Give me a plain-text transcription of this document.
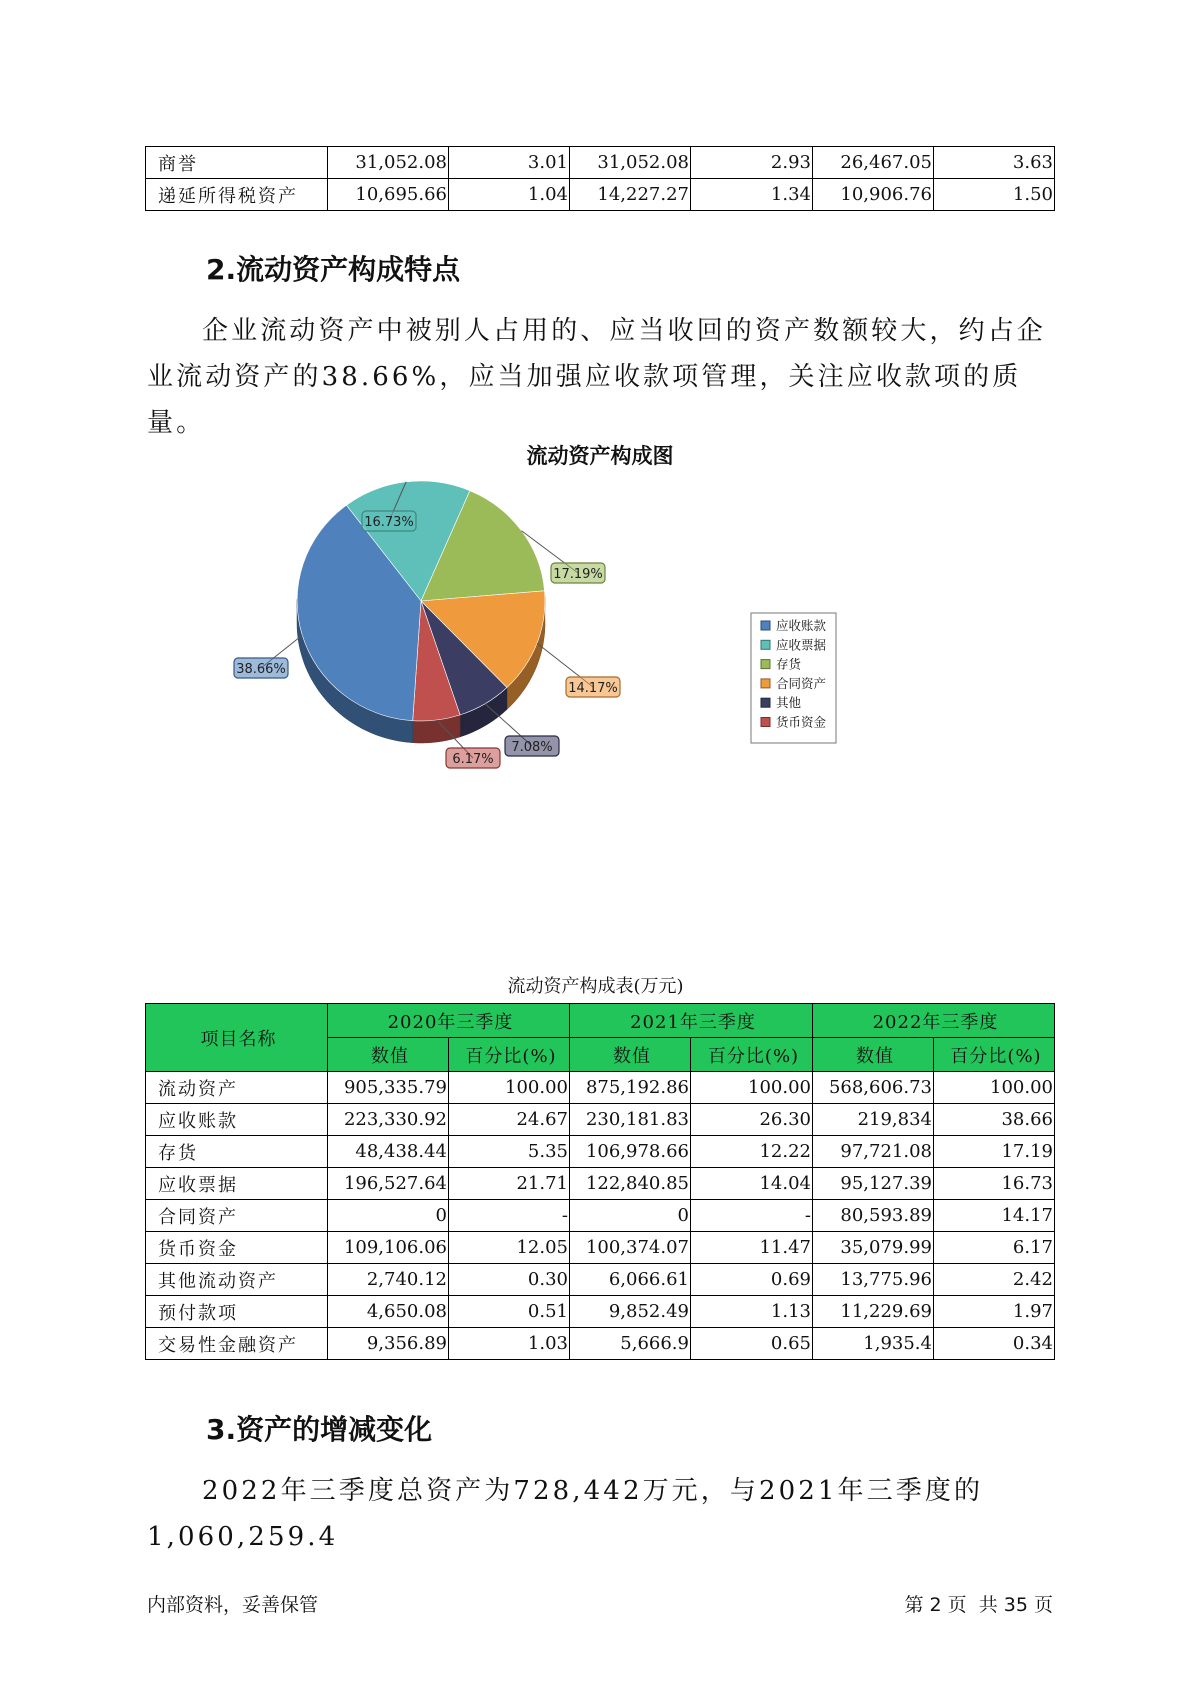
商誉	31,052.08	3.01	31,052.08	2.93	26,467.05	3.63
递延所得税资产	10,695.66	1.04	14,227.27	1.34	10,906.76	1.50
2.流动资产构成特点

企业流动资产中被别人占用的、应当收回的资产数额较大，约占企业流动资产的38.66%，应当加强应收款项管理，关注应收款项的质量。

流动资产构成图
16.73%
17.19%
14.17%
7.08%
6.17%
38.66%
应收账款
应收票据
存货
合同资产
其他
货币资金

流动资产构成表(万元)

项目名称	2020年三季度		2021年三季度		2022年三季度	
	数值	百分比(%)	数值	百分比(%)	数值	百分比(%)
流动资产	905,335.79	100.00	875,192.86	100.00	568,606.73	100.00
应收账款	223,330.92	24.67	230,181.83	26.30	219,834	38.66
存货	48,438.44	5.35	106,978.66	12.22	97,721.08	17.19
应收票据	196,527.64	21.71	122,840.85	14.04	95,127.39	16.73
合同资产	0	-	0	-	80,593.89	14.17
货币资金	109,106.06	12.05	100,374.07	11.47	35,079.99	6.17
其他流动资产	2,740.12	0.30	6,066.61	0.69	13,775.96	2.42
预付款项	4,650.08	0.51	9,852.49	1.13	11,229.69	1.97
交易性金融资产	9,356.89	1.03	5,666.9	0.65	1,935.4	0.34
3.资产的增减变化

2022年三季度总资产为728,442万元，与2021年三季度的1,060,259.4

内部资料，妥善保管	第 2 页  共 35 页
